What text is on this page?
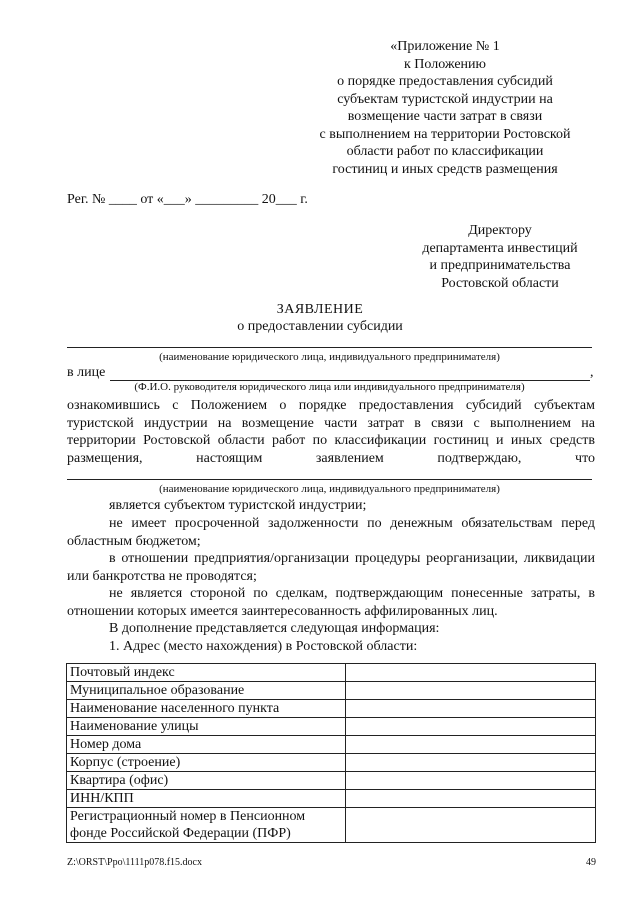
«Приложение № 1
к Положению
о порядке предоставления субсидий
субъектам туристской индустрии на
возмещение части затрат в связи
с выполнением на территории Ростовской
области работ по классификации
гостиниц и иных средств размещения
Рег. № ____ от «___» _________ 20___ г.
Директору
департамента инвестиций
и предпринимательства
Ростовской области
ЗАЯВЛЕНИЕ
о предоставлении субсидии
(наименование юридического лица, индивидуального предпринимателя)
в лице	,
(Ф.И.О. руководителя юридического лица или индивидуального предпринимателя)
ознакомившись с Положением о порядке предоставления субсидий субъектам туристской индустрии на возмещение части затрат в связи с выполнением на территории Ростовской области работ по классификации гостиниц и иных средств размещения, настоящим заявлением подтверждаю, что
(наименование юридического лица, индивидуального предпринимателя)
является субъектом туристской индустрии;
не имеет просроченной задолженности по денежным обязательствам перед областным бюджетом;
в отношении предприятия/организации процедуры реорганизации, ликвидации или банкротства не проводятся;
не является стороной по сделкам, подтверждающим понесенные затраты, в отношении которых имеется заинтересованность аффилированных лиц.
В дополнение представляется следующая информация:
1. Адрес (место нахождения) в Ростовской области:
Почтовый индекс	
Муниципальное образование	
Наименование населенного пункта	
Наименование улицы	
Номер дома	
Корпус (строение)	
Квартира (офис)	
ИНН/КПП	
Регистрационный номер в Пенсионном фонде Российской Федерации (ПФР)	
Z:\ORST\Ppo\1111p078.f15.docx	49
